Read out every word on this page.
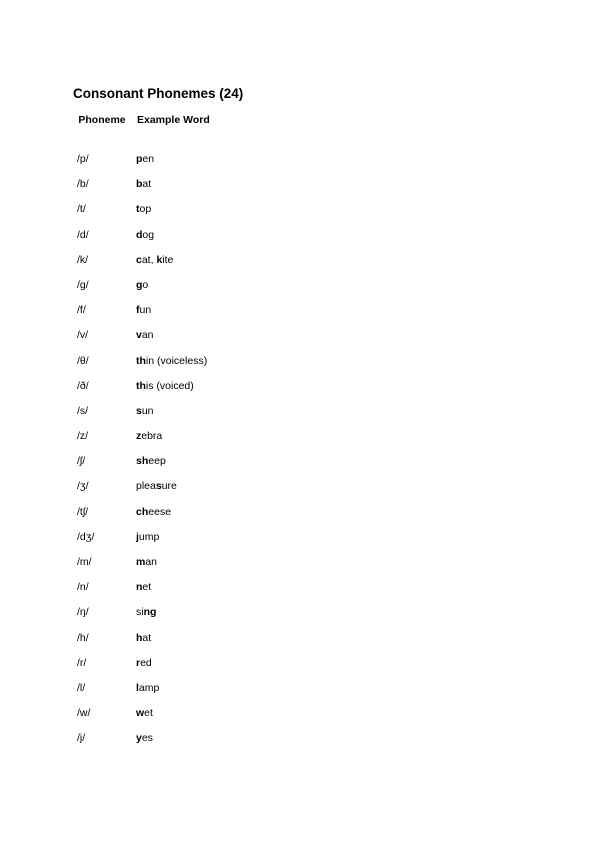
Consonant Phonemes (24)
Phoneme	Example Word
/p/	pen
/b/	bat
/t/	top
/d/	dog
/k/	cat, kite
/g/	go
/f/	fun
/v/	van
/θ/	thin (voiceless)
/ð/	this (voiced)
/s/	sun
/z/	zebra
/ʃ/	sheep
/ʒ/	pleasure
/tʃ/	cheese
/dʒ/	jump
/m/	man
/n/	net
/ŋ/	sing
/h/	hat
/r/	red
/l/	lamp
/w/	wet
/j/	yes
